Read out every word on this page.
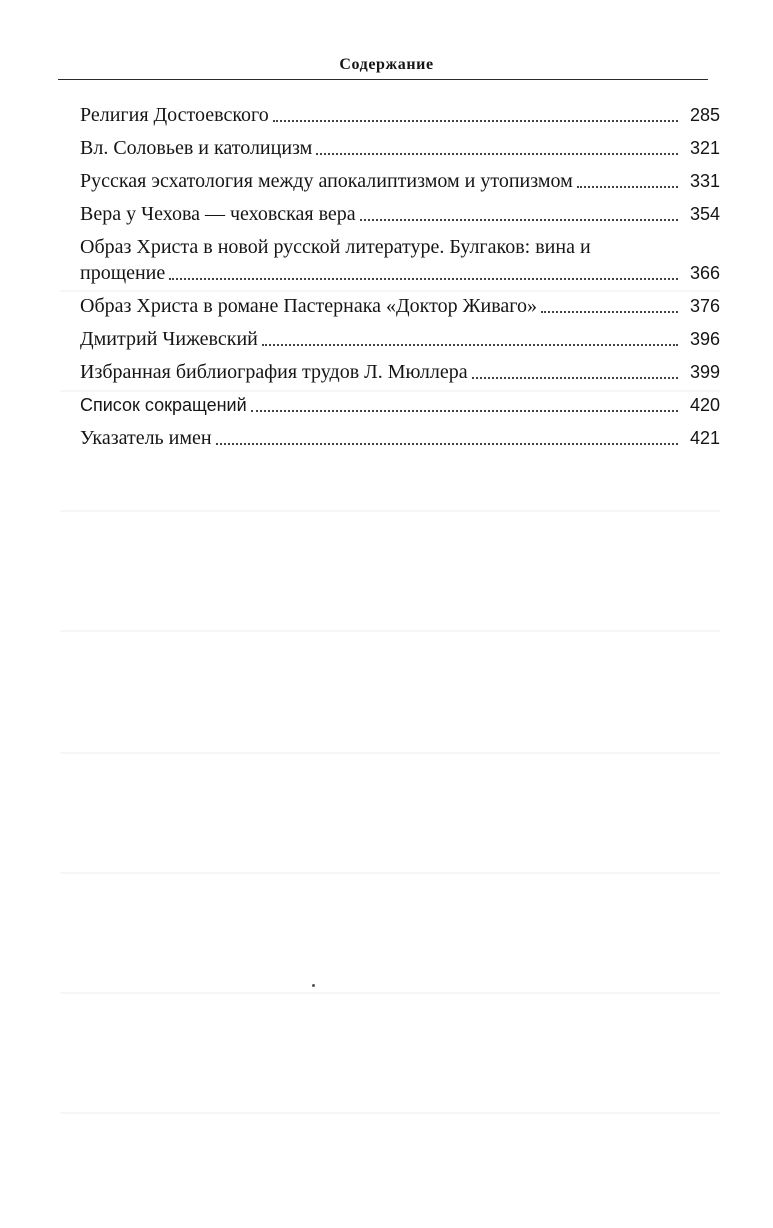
Содержание
Религия Достоевского	285
Вл. Соловьев и католицизм	321
Русская эсхатология между апокалиптизмом и утопизмом	331
Вера у Чехова — чеховская вера	354
Образ Христа в новой русской литературе. Булгаков: вина и
прощение	366
Образ Христа в романе Пастернака «Доктор Живаго»	376
Дмитрий Чижевский	396
Избранная библиография трудов Л. Мюллера	399
Список сокращений	420
Указатель имен	421
